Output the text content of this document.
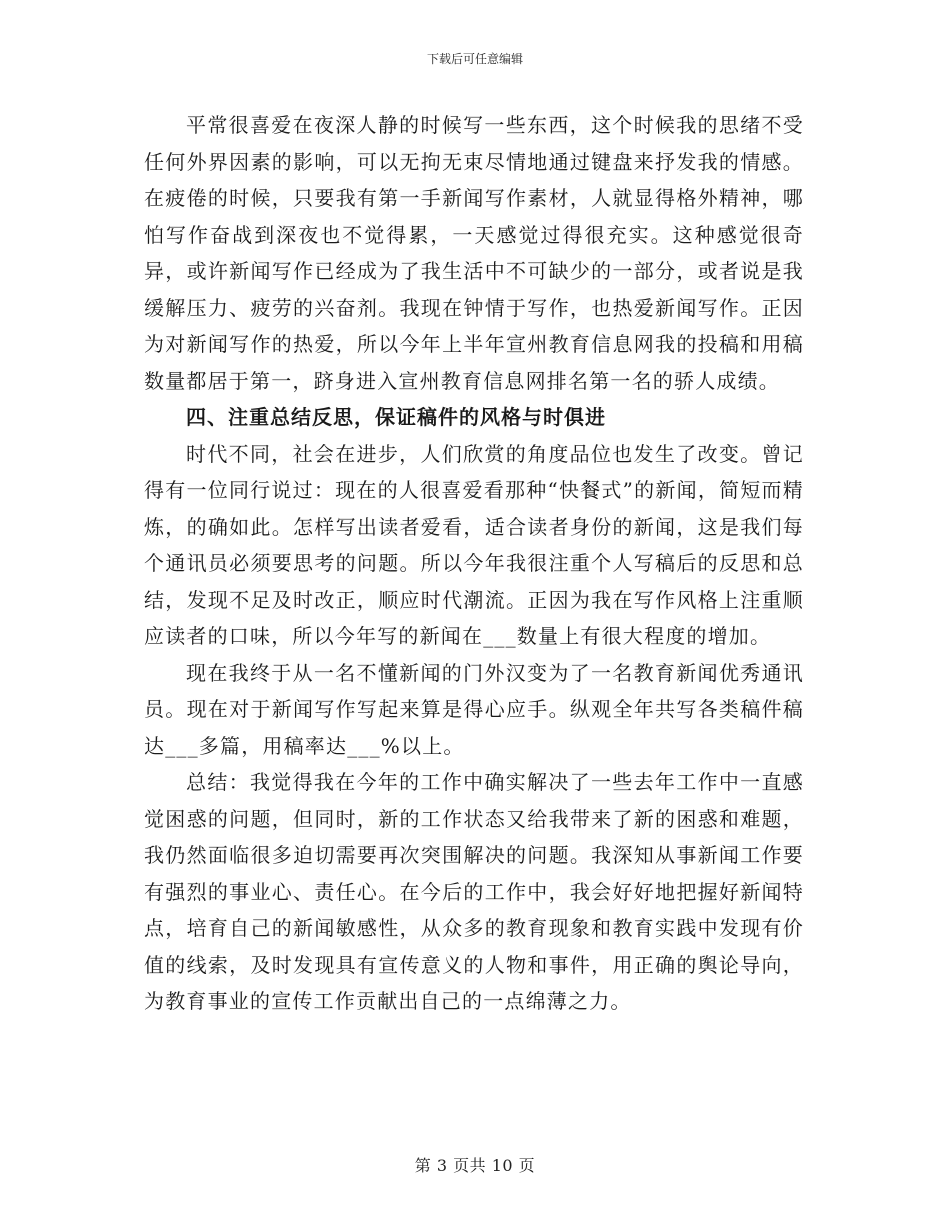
下载后可任意编辑

平常很喜爱在夜深人静的时候写一些东西，这个时候我的思绪不受任何外界因素的影响，可以无拘无束尽情地通过键盘来抒发我的情感。在疲倦的时候，只要我有第一手新闻写作素材，人就显得格外精神，哪怕写作奋战到深夜也不觉得累，一天感觉过得很充实。这种感觉很奇异，或许新闻写作已经成为了我生活中不可缺少的一部分，或者说是我缓解压力、疲劳的兴奋剂。我现在钟情于写作，也热爱新闻写作。正因为对新闻写作的热爱，所以今年上半年宣州教育信息网我的投稿和用稿数量都居于第一，跻身进入宣州教育信息网排名第一名的骄人成绩。

四、注重总结反思，保证稿件的风格与时俱进

时代不同，社会在进步，人们欣赏的角度品位也发生了改变。曾记得有一位同行说过：现在的人很喜爱看那种“快餐式”的新闻，简短而精炼，的确如此。怎样写出读者爱看，适合读者身份的新闻，这是我们每个通讯员必须要思考的问题。所以今年我很注重个人写稿后的反思和总结，发现不足及时改正，顺应时代潮流。正因为我在写作风格上注重顺应读者的口味，所以今年写的新闻在___数量上有很大程度的增加。

现在我终于从一名不懂新闻的门外汉变为了一名教育新闻优秀通讯员。现在对于新闻写作写起来算是得心应手。纵观全年共写各类稿件稿达___多篇，用稿率达___%以上。

总结：我觉得我在今年的工作中确实解决了一些去年工作中一直感觉困惑的问题，但同时，新的工作状态又给我带来了新的困惑和难题，我仍然面临很多迫切需要再次突围解决的问题。我深知从事新闻工作要有强烈的事业心、责任心。在今后的工作中，我会好好地把握好新闻特点，培育自己的新闻敏感性，从众多的教育现象和教育实践中发现有价值的线索，及时发现具有宣传意义的人物和事件，用正确的舆论导向，为教育事业的宣传工作贡献出自己的一点绵薄之力。

第 3 页共 10 页
